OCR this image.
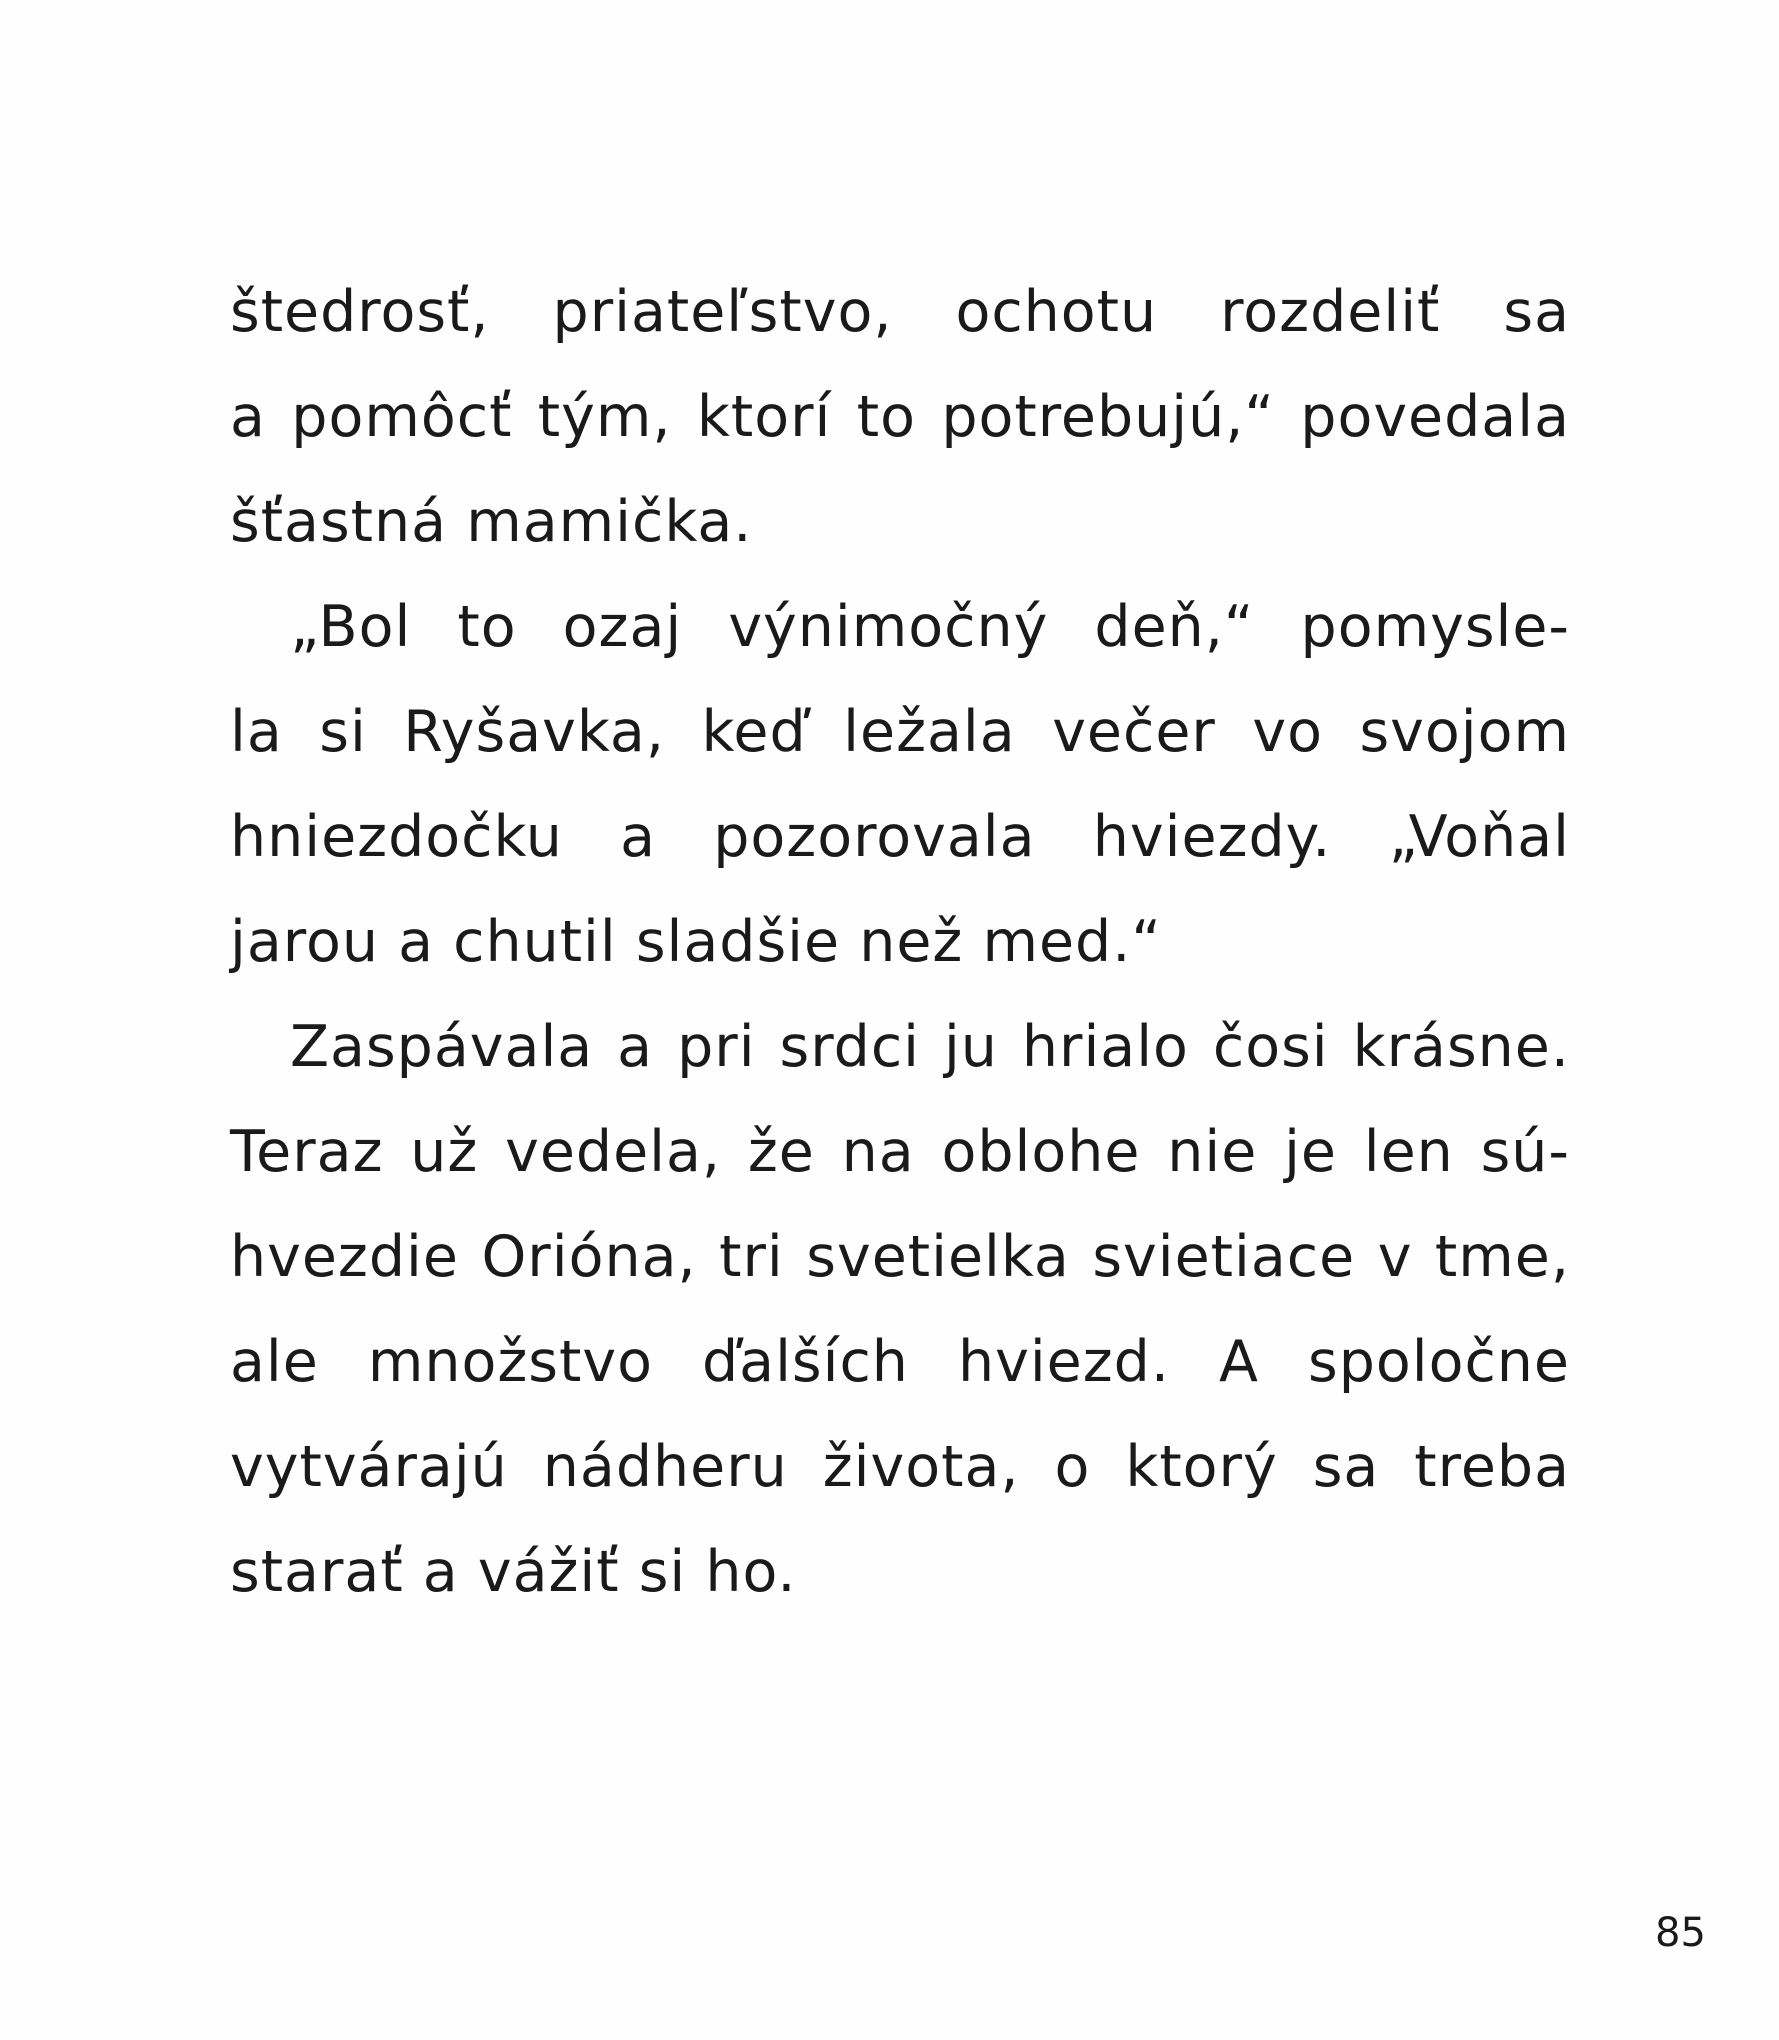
štedrosť, priateľstvo, ochotu rozdeliť sa
a pomôcť tým, ktorí to potrebujú,“ povedala
šťastná mamička.
„Bol to ozaj výnimočný deň,“ pomysle-
la si Ryšavka, keď ležala večer vo svojom
hniezdočku a pozorovala hviezdy. „Voňal
jarou a chutil sladšie než med.“
Zaspávala a pri srdci ju hrialo čosi krásne.
Teraz už vedela, že na oblohe nie je len sú-
hvezdie Orióna, tri svetielka svietiace v tme,
ale množstvo ďalších hviezd. A spoločne
vytvárajú nádheru života, o ktorý sa treba
starať a vážiť si ho.
85
